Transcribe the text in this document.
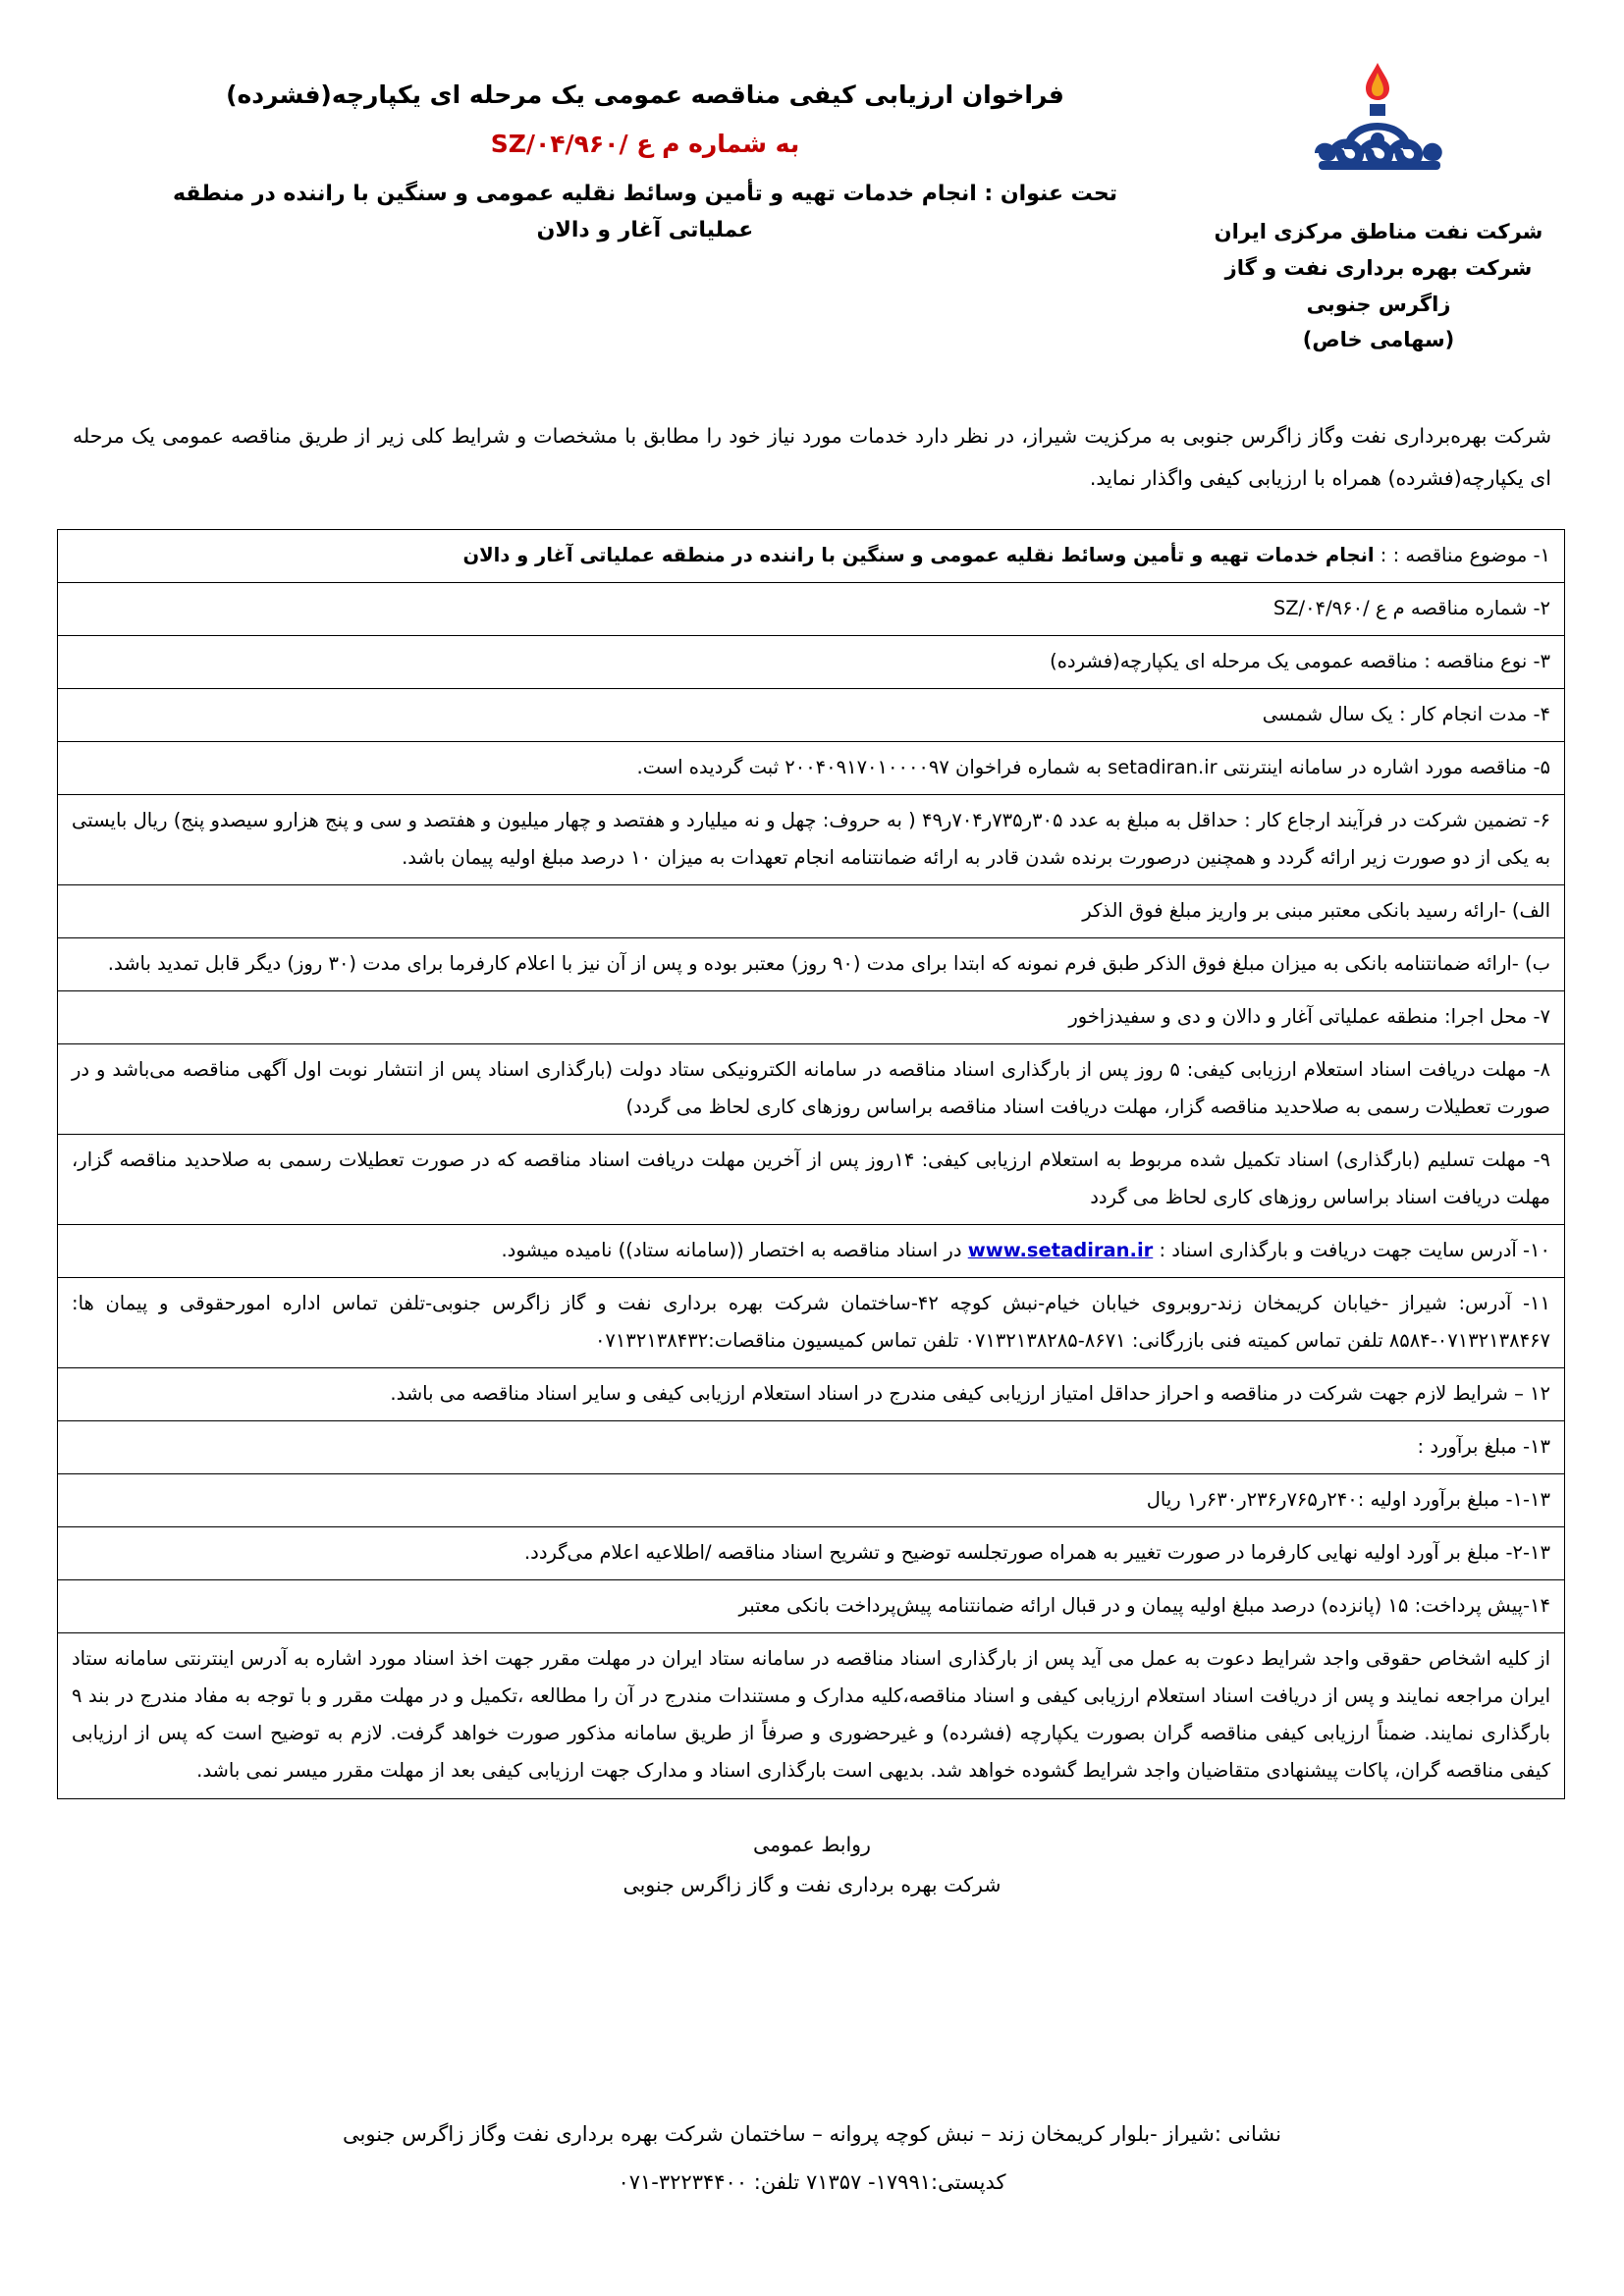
فراخوان ارزیابی کیفی مناقصه عمومی یک مرحله ای یکپارچه(فشرده)
به شماره م ع /SZ/۰۴/۹۶۰
تحت عنوان : انجام خدمات تهیه و تأمین وسائط نقلیه عمومی و سنگین با راننده در منطقه عملیاتی آغار و دالان	شرکت نفت مناطق مرکزی ایران
شرکت بهره برداری نفت و گاز زاگرس جنوبی
(سهامی خاص)
شرکت بهره‌برداری نفت وگاز زاگرس جنوبی به مرکزیت شیراز، در نظر دارد خدمات مورد نیاز خود را مطابق با مشخصات و شرایط کلی زیر از طریق مناقصه عمومی یک مرحله ای یکپارچه(فشرده) همراه با ارزیابی کیفی واگذار نماید.
۱- موضوع مناقصه : : انجام خدمات تهیه و تأمین وسائط نقلیه عمومی و سنگین با راننده در منطقه عملیاتی آغار و دالان
۲- شماره مناقصه م ع /SZ/۰۴/۹۶۰
۳- نوع مناقصه : مناقصه عمومی یک مرحله ای یکپارچه(فشرده)
۴- مدت انجام کار : یک سال شمسی
۵- مناقصه مورد اشاره در سامانه اینترنتی setadiran.ir به شماره فراخوان ۲۰۰۴۰۹۱۷۰۱۰۰۰۰۹۷ ثبت گردیده است.
۶- تضمین شرکت در فرآیند ارجاع کار : حداقل به مبلغ به عدد ۳۰۵ر۷۳۵ر۷۰۴ر۴۹ ( به حروف: چهل و نه میلیارد و هفتصد و چهار میلیون و هفتصد و سی و پنج هزارو سیصدو پنج) ریال بایستی به یکی از دو صورت زیر ارائه گردد و همچنین درصورت برنده شدن قادر به ارائه ضمانتنامه انجام تعهدات به میزان ۱۰ درصد مبلغ اولیه پیمان باشد.
الف) -ارائه رسید بانکی معتبر مبنی بر واریز مبلغ فوق الذکر
ب) -ارائه ضمانتنامه بانکی به میزان مبلغ فوق الذکر طبق فرم نمونه که ابتدا برای مدت (۹۰ روز) معتبر بوده و پس از آن نیز با اعلام کارفرما برای مدت (۳۰ روز) دیگر قابل تمدید باشد.
۷- محل اجرا: منطقه عملیاتی آغار و دالان و دی و سفیدزاخور
۸- مهلت دریافت اسناد استعلام ارزیابی کیفی: ۵ روز پس از بارگذاری اسناد مناقصه در سامانه الکترونیکی ستاد دولت (بارگذاری اسناد پس از انتشار نوبت اول آگهی مناقصه می‌باشد و در صورت تعطیلات رسمی به صلاحدید مناقصه گزار، مهلت دریافت اسناد مناقصه براساس روزهای کاری لحاظ می گردد)
۹- مهلت تسلیم (بارگذاری) اسناد تکمیل شده مربوط به استعلام ارزیابی کیفی: ۱۴روز پس از آخرین مهلت دریافت اسناد مناقصه که در صورت تعطیلات رسمی به صلاحدید مناقصه گزار، مهلت دریافت اسناد براساس روزهای کاری لحاظ می گردد
۱۰- آدرس سایت جهت دریافت و بارگذاری اسناد : www.setadiran.ir در اسناد مناقصه به اختصار ((سامانه ستاد)) نامیده میشود.
۱۱- آدرس: شیراز -خیابان کریمخان زند-روبروی خیابان خیام-نبش کوچه ۴۲-ساختمان شرکت بهره برداری نفت و گاز زاگرس جنوبی-تلفن تماس اداره امورحقوقی و پیمان ها: ۰۷۱۳۲۱۳۸۴۶۷-۸۵۸۴ تلفن تماس کمیته فنی بازرگانی: ۸۶۷۱-۰۷۱۳۲۱۳۸۲۸۵ تلفن تماس کمیسیون مناقصات:۰۷۱۳۲۱۳۸۴۳۲
۱۲ – شرایط لازم جهت شرکت در مناقصه و احراز حداقل امتیاز ارزیابی کیفی مندرج در اسناد استعلام ارزیابی کیفی و سایر اسناد مناقصه می باشد.
۱۳- مبلغ برآورد :
۱-۱۳- مبلغ برآورد اولیه :۲۴۰ر۷۶۵ر۲۳۶ر۶۳۰ر۱ ریال
۲-۱۳- مبلغ بر آورد اولیه نهایی کارفرما در صورت تغییر به همراه صورتجلسه توضیح و تشریح اسناد مناقصه /اطلاعیه اعلام می‌گردد.
۱۴-پیش پرداخت: ۱۵ (پانزده) درصد مبلغ اولیه پیمان و در قبال ارائه ضمانتنامه پیش‌پرداخت بانکی معتبر
از کلیه اشخاص حقوقی واجد شرایط دعوت به عمل می آید پس از بارگذاری اسناد مناقصه در سامانه ستاد ایران در مهلت مقرر جهت اخذ اسناد مورد اشاره به آدرس اینترنتی سامانه ستاد ایران مراجعه نمایند و پس از دریافت اسناد استعلام ارزیابی کیفی و اسناد مناقصه،کلیه مدارک و مستندات مندرج در آن را مطالعه ،تکمیل و در مهلت مقرر و با توجه به مفاد مندرج در بند ۹ بارگذاری نمایند. ضمناً ارزیابی کیفی مناقصه گران بصورت یکپارچه (فشرده) و غیرحضوری و صرفاً از طریق سامانه مذکور صورت خواهد گرفت. لازم به توضیح است که پس از ارزیابی کیفی مناقصه گران، پاکات پیشنهادی متقاضیان واجد شرایط گشوده خواهد شد. بدیهی است بارگذاری اسناد و مدارک جهت ارزیابی کیفی بعد از مهلت مقرر میسر نمی باشد.
روابط عمومی
شرکت بهره برداری نفت و گاز زاگرس جنوبی
نشانی :شیراز -بلوار کریمخان زند – نبش کوچه پروانه – ساختمان شرکت بهره برداری نفت وگاز زاگرس جنوبی
کدپستی:۱۷۹۹۱- ۷۱۳۵۷ تلفن: ۳۲۲۳۴۴۰۰-۰۷۱
